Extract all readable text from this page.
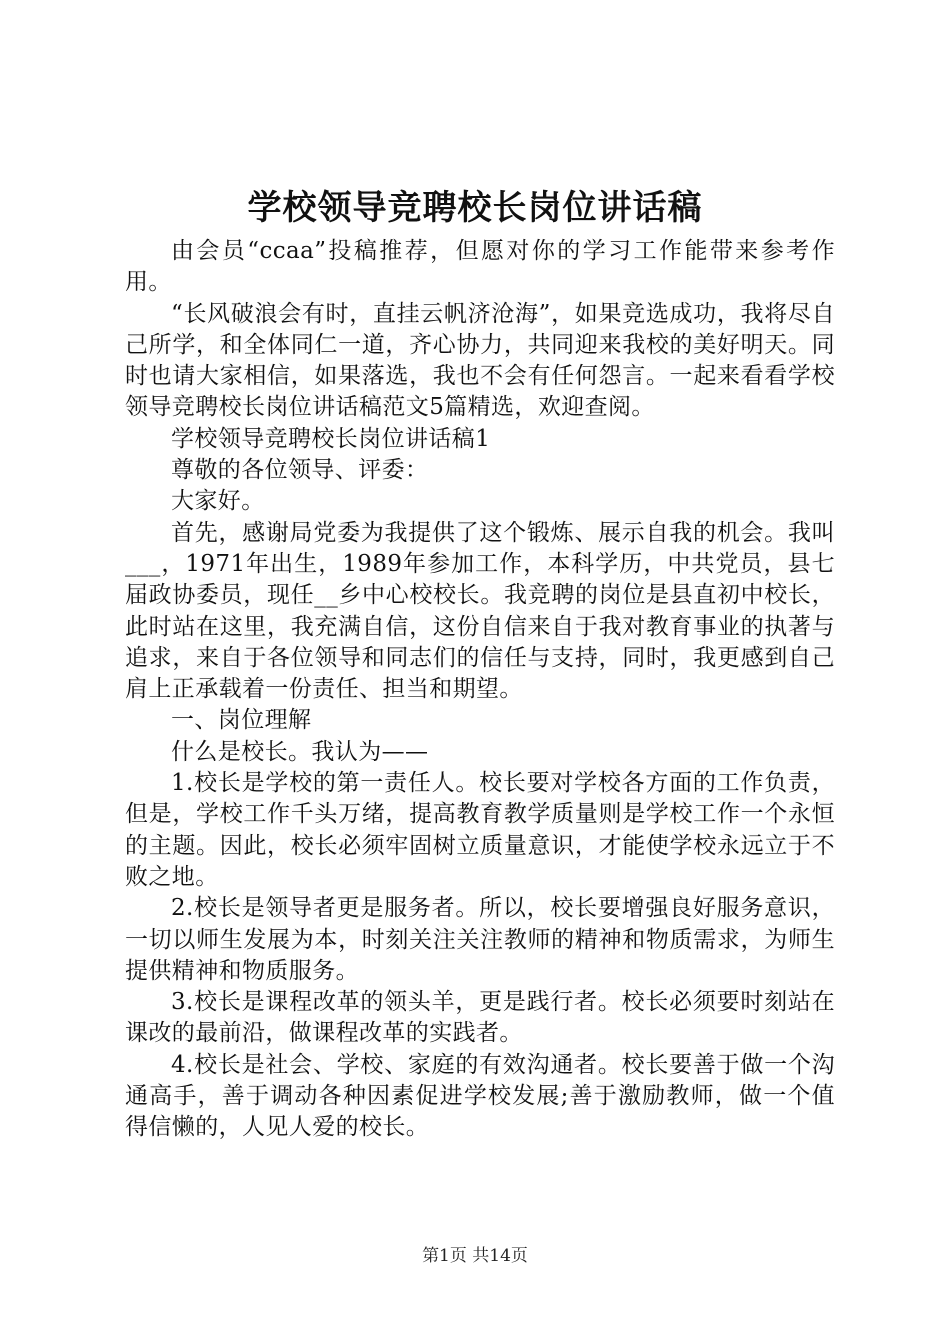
学校领导竞聘校长岗位讲话稿

由会员“ccaa”投稿推荐，但愿对你的学习工作能带来参考作用。

“长风破浪会有时，直挂云帆济沧海”，如果竞选成功，我将尽自己所学，和全体同仁一道，齐心协力，共同迎来我校的美好明天。同时也请大家相信，如果落选，我也不会有任何怨言。一起来看看学校领导竞聘校长岗位讲话稿范文5篇精选，欢迎查阅。

学校领导竞聘校长岗位讲话稿1

尊敬的各位领导、评委：

大家好。

首先，感谢局党委为我提供了这个锻炼、展示自我的机会。我叫___，1971年出生，1989年参加工作，本科学历，中共党员，县七届政协委员，现任__乡中心校校长。我竞聘的岗位是县直初中校长，此时站在这里，我充满自信，这份自信来自于我对教育事业的执著与追求，来自于各位领导和同志们的信任与支持，同时，我更感到自己肩上正承载着一份责任、担当和期望。

一、岗位理解

什么是校长。我认为——

1.校长是学校的第一责任人。校长要对学校各方面的工作负责，但是，学校工作千头万绪，提高教育教学质量则是学校工作一个永恒的主题。因此，校长必须牢固树立质量意识，才能使学校永远立于不败之地。

2.校长是领导者更是服务者。所以，校长要增强良好服务意识，一切以师生发展为本，时刻关注关注教师的精神和物质需求，为师生提供精神和物质服务。

3.校长是课程改革的领头羊，更是践行者。校长必须要时刻站在课改的最前沿，做课程改革的实践者。

4.校长是社会、学校、家庭的有效沟通者。校长要善于做一个沟通高手，善于调动各种因素促进学校发展;善于激励教师，做一个值得信懒的，人见人爱的校长。

第1页 共14页
